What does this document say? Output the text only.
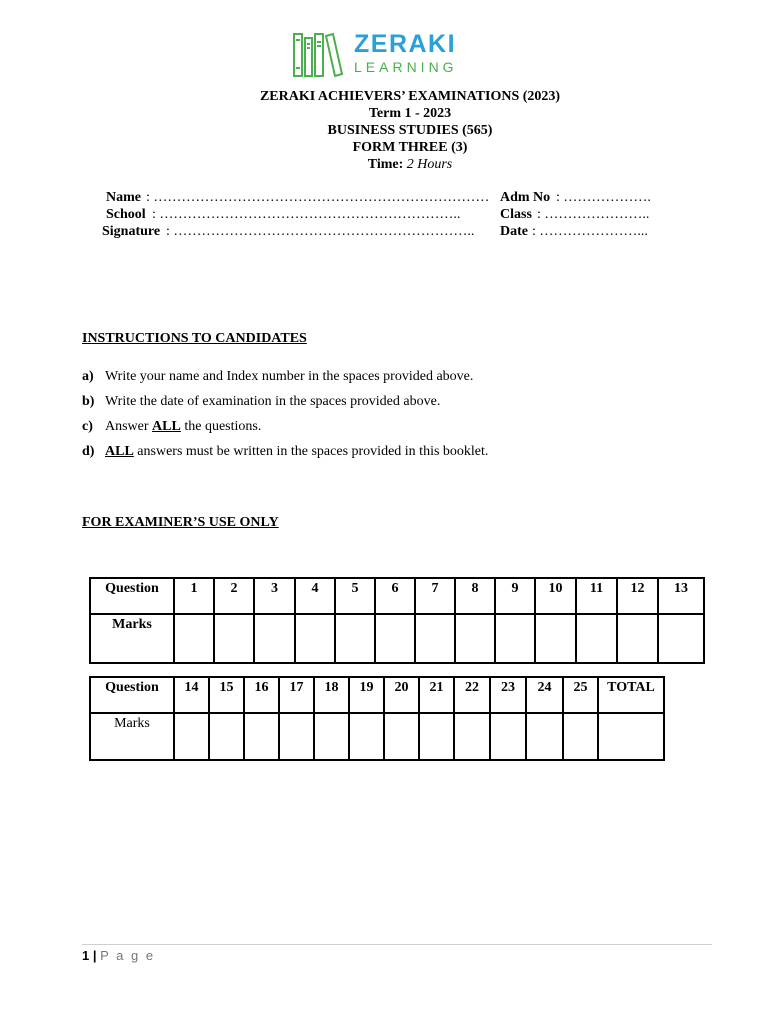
ZERAKI
LEARNING
ZERAKI ACHIEVERS’ EXAMINATIONS (2023)
Term 1 - 2023
BUSINESS STUDIES (565)
FORM THREE (3)
Time: 2 Hours
Name : ……………………………………………………………… Adm No : ……………….
School : ………………………………………………………..	Class : …………………..
Signature : ……………………………………………………….. Date : …………………...
INSTRUCTIONS TO CANDIDATES
a) Write your name and Index number in the spaces provided above.
b) Write the date of examination in the spaces provided above.
c) Answer ALL the questions.
d) ALL answers must be written in the spaces provided in this booklet.
FOR EXAMINER’S USE ONLY
Question	1	2	3	4	5	6	7	8	9	10	11	12	13
Marks													
Question	14	15	16	17	18	19	20	21	22	23	24	25	TOTAL
Marks													
1 | P a g e
